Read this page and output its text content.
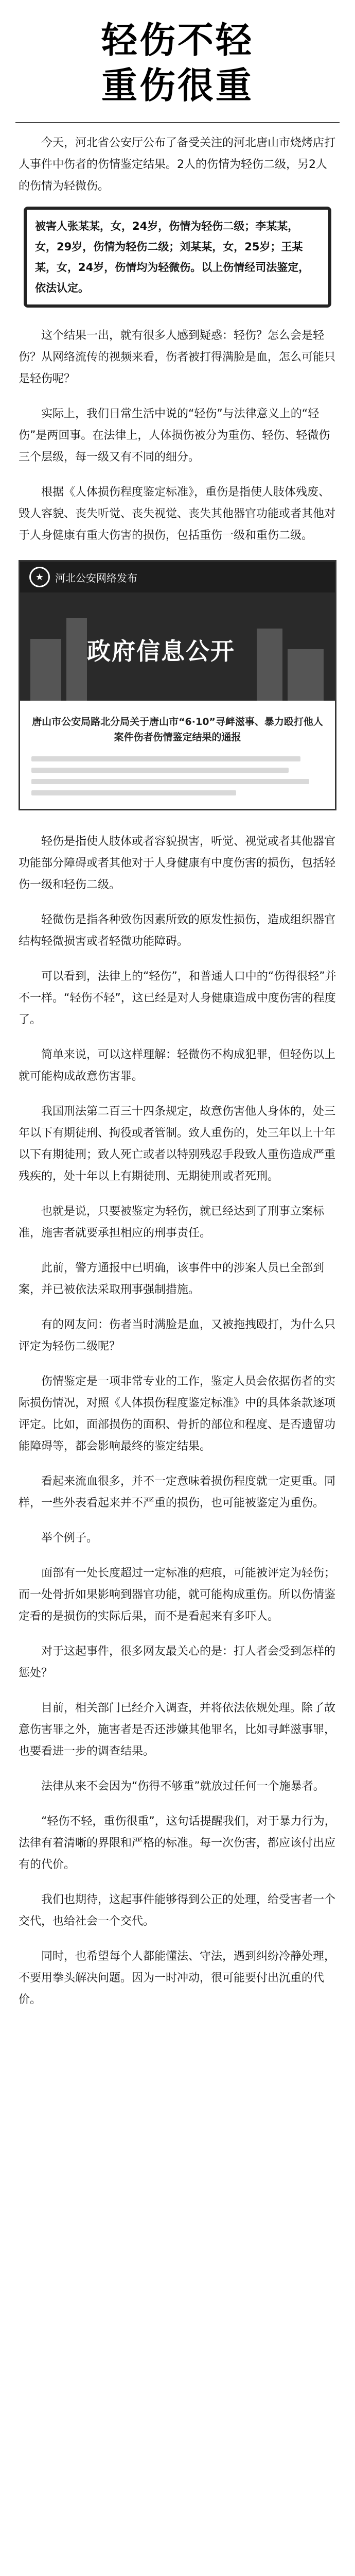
轻伤不轻
重伤很重

今天，河北省公安厅公布了备受关注的河北唐山市烧烤店打人事件中伤者的伤情鉴定结果。2人的伤情为轻伤二级，另2人的伤情为轻微伤。

被害人张某某，女，24岁，伤情为轻伤二级；李某某，女，29岁，伤情为轻伤二级；刘某某，女，25岁；王某某，女，24岁，伤情均为轻微伤。以上伤情经司法鉴定，依法认定。

这个结果一出，就有很多人感到疑惑：轻伤？怎么会是轻伤？从网络流传的视频来看，伤者被打得满脸是血，怎么可能只是轻伤呢？

实际上，我们日常生活中说的“轻伤”与法律意义上的“轻伤”是两回事。在法律上，人体损伤被分为重伤、轻伤、轻微伤三个层级，每一级又有不同的细分。

根据《人体损伤程度鉴定标准》，重伤是指使人肢体残废、毁人容貌、丧失听觉、丧失视觉、丧失其他器官功能或者其他对于人身健康有重大伤害的损伤，包括重伤一级和重伤二级。

★	河北公安网络发布
政府信息公开
唐山市公安局路北分局关于唐山市“6·10”寻衅滋事、暴力殴打他人案件伤者伤情鉴定结果的通报

轻伤是指使人肢体或者容貌损害，听觉、视觉或者其他器官功能部分障碍或者其他对于人身健康有中度伤害的损伤，包括轻伤一级和轻伤二级。

轻微伤是指各种致伤因素所致的原发性损伤，造成组织器官结构轻微损害或者轻微功能障碍。

可以看到，法律上的“轻伤”，和普通人口中的“伤得很轻”并不一样。“轻伤不轻”，这已经是对人身健康造成中度伤害的程度了。

简单来说，可以这样理解：轻微伤不构成犯罪，但轻伤以上就可能构成故意伤害罪。

我国刑法第二百三十四条规定，故意伤害他人身体的，处三年以下有期徒刑、拘役或者管制。致人重伤的，处三年以上十年以下有期徒刑；致人死亡或者以特别残忍手段致人重伤造成严重残疾的，处十年以上有期徒刑、无期徒刑或者死刑。

也就是说，只要被鉴定为轻伤，就已经达到了刑事立案标准，施害者就要承担相应的刑事责任。

此前，警方通报中已明确，该事件中的涉案人员已全部到案，并已被依法采取刑事强制措施。

有的网友问：伤者当时满脸是血，又被拖拽殴打，为什么只评定为轻伤二级呢？

伤情鉴定是一项非常专业的工作，鉴定人员会依据伤者的实际损伤情况，对照《人体损伤程度鉴定标准》中的具体条款逐项评定。比如，面部损伤的面积、骨折的部位和程度、是否遗留功能障碍等，都会影响最终的鉴定结果。

看起来流血很多，并不一定意味着损伤程度就一定更重。同样，一些外表看起来并不严重的损伤，也可能被鉴定为重伤。

举个例子。

面部有一处长度超过一定标准的疤痕，可能被评定为轻伤；而一处骨折如果影响到器官功能，就可能构成重伤。所以伤情鉴定看的是损伤的实际后果，而不是看起来有多吓人。

对于这起事件，很多网友最关心的是：打人者会受到怎样的惩处？

目前，相关部门已经介入调查，并将依法依规处理。除了故意伤害罪之外，施害者是否还涉嫌其他罪名，比如寻衅滋事罪，也要看进一步的调查结果。

法律从来不会因为“伤得不够重”就放过任何一个施暴者。

“轻伤不轻，重伤很重”，这句话提醒我们，对于暴力行为，法律有着清晰的界限和严格的标准。每一次伤害，都应该付出应有的代价。

我们也期待，这起事件能够得到公正的处理，给受害者一个交代，也给社会一个交代。

同时，也希望每个人都能懂法、守法，遇到纠纷冷静处理，不要用拳头解决问题。因为一时冲动，很可能要付出沉重的代价。
